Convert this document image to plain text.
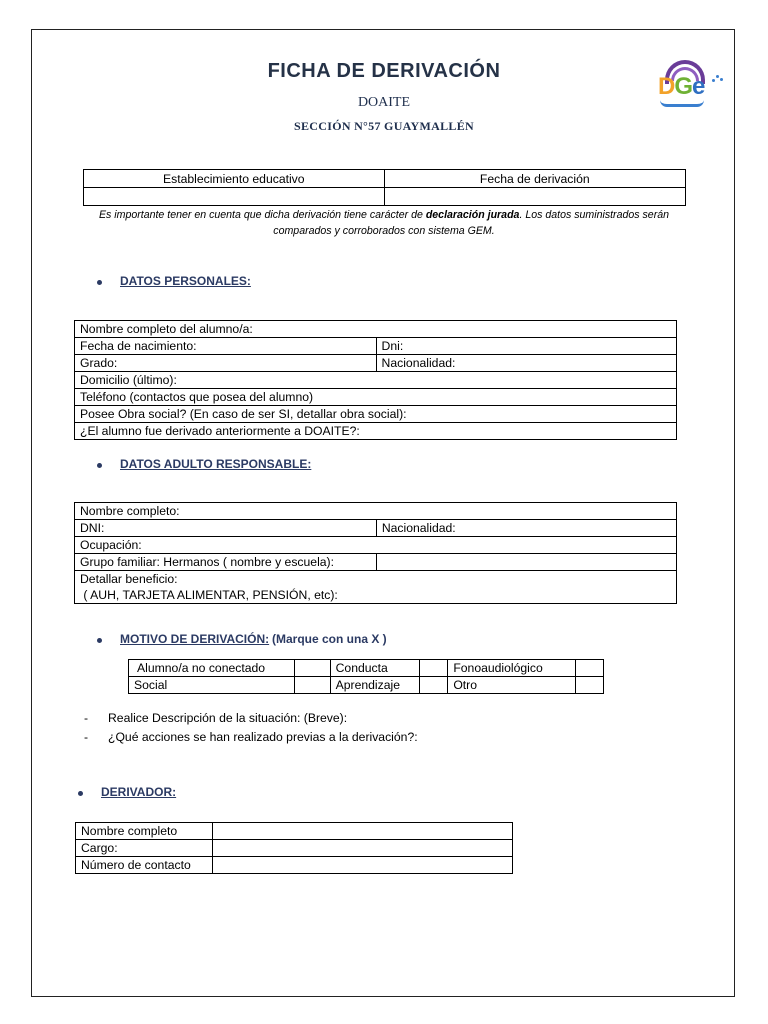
FICHA DE DERIVACIÓN
DOAITE
SECCIÓN N°57 GUAYMALLÉN
DGe
Establecimiento educativo	Fecha de derivación

Es importante tener en cuenta que dicha derivación tiene carácter de declaración jurada. Los datos suministrados serán comparados y corroborados con sistema GEM.
DATOS PERSONALES:
Nombre completo del alumno/a:	
Fecha de nacimiento:	Dni:
Grado:	Nacionalidad:
Domicilio (último):	
Teléfono (contactos que posea del alumno)	
Posee Obra social? (En caso de ser SI, detallar obra social):	
¿El alumno fue derivado anteriormente a DOAITE?:	
DATOS ADULTO RESPONSABLE:
Nombre completo:	
DNI:	Nacionalidad:
Ocupación:	
Grupo familiar: Hermanos ( nombre y escuela):	

Detallar beneficio:
( AUH, TARJETA ALIMENTAR, PENSIÓN, etc):	
MOTIVO DE DERIVACIÓN: (Marque con una X )
Alumno/a no conectado		Conducta		Fonoaudiológico	
Social		Aprendizaje		Otro	
- Realice Descripción de la situación: (Breve):
- ¿Qué acciones se han realizado previas a la derivación?:
DERIVADOR:
Nombre completo	
Cargo:	
Número de contacto	
